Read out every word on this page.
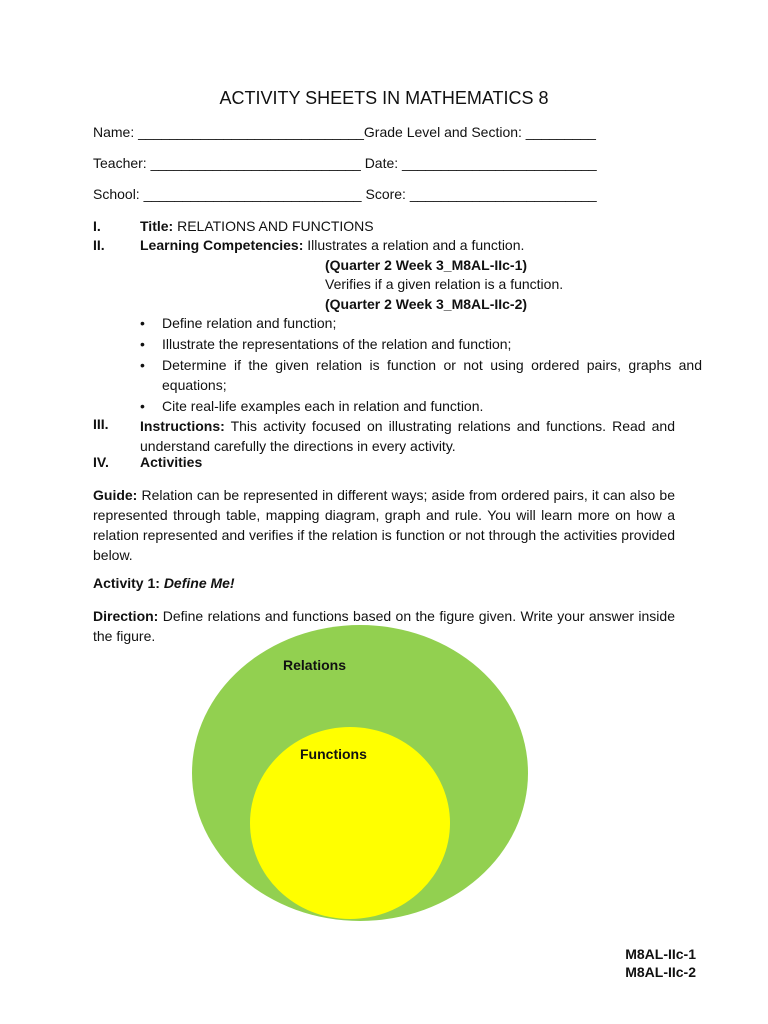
ACTIVITY SHEETS IN MATHEMATICS 8
Name: _____________________________Grade Level and Section: _________
Teacher: ___________________________ Date: _________________________
School: ____________________________ Score: ________________________
I.	Title: RELATIONS AND FUNCTIONS
II.	Learning Competencies: Illustrates a relation and a function.
(Quarter 2 Week 3_M8AL-IIc-1)
Verifies if a given relation is a function.
(Quarter 2 Week 3_M8AL-IIc-2)
• Define relation and function;
• Illustrate the representations of the relation and function;
• Determine if the given relation is function or not using ordered pairs, graphs and equations;
• Cite real-life examples each in relation and function.
III. Instructions: This activity focused on illustrating relations and functions. Read and understand carefully the directions in every activity.
IV. Activities
Guide: Relation can be represented in different ways; aside from ordered pairs, it can also be represented through table, mapping diagram, graph and rule. You will learn more on how a relation represented and verifies if the relation is function or not through the activities provided below.
Activity 1: Define Me!
Direction: Define relations and functions based on the figure given. Write your answer inside the figure.
Relations
Functions
M8AL-IIc-1
M8AL-IIc-2
